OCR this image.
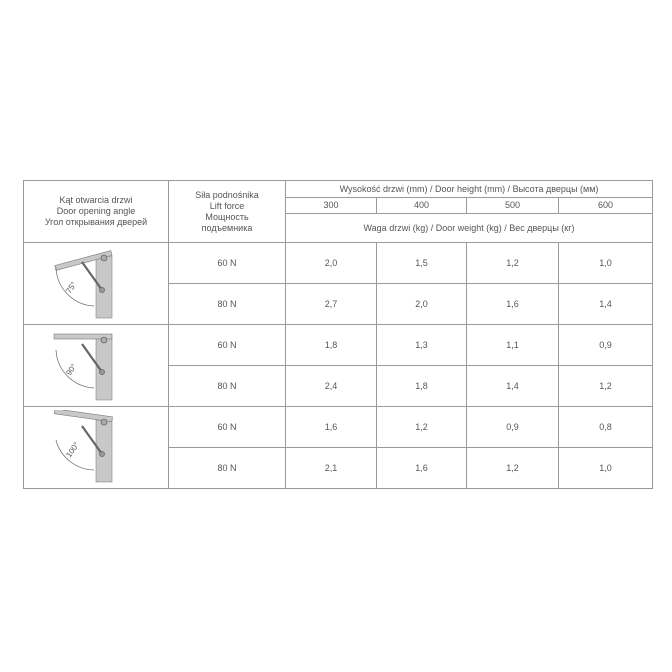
Kąt otwarcia drzwi
Door opening angle
Угол открывания дверей	Siła podnośnika
Lift force
Мощность
подъемника	Wysokość drzwi (mm) / Door height (mm) / Высота дверцы (мм)			
		300	400	500	600
		Waga drzwi (kg) / Door weight (kg) / Вес дверцы (кг)			

75°	60 N	2,0	1,5	1,2	1,0
	80 N	2,7	2,0	1,6	1,4

90°	60 N	1,8	1,3	1,1	0,9
	80 N	2,4	1,8	1,4	1,2

100°	60 N	1,6	1,2	0,9	0,8
	80 N	2,1	1,6	1,2	1,0
